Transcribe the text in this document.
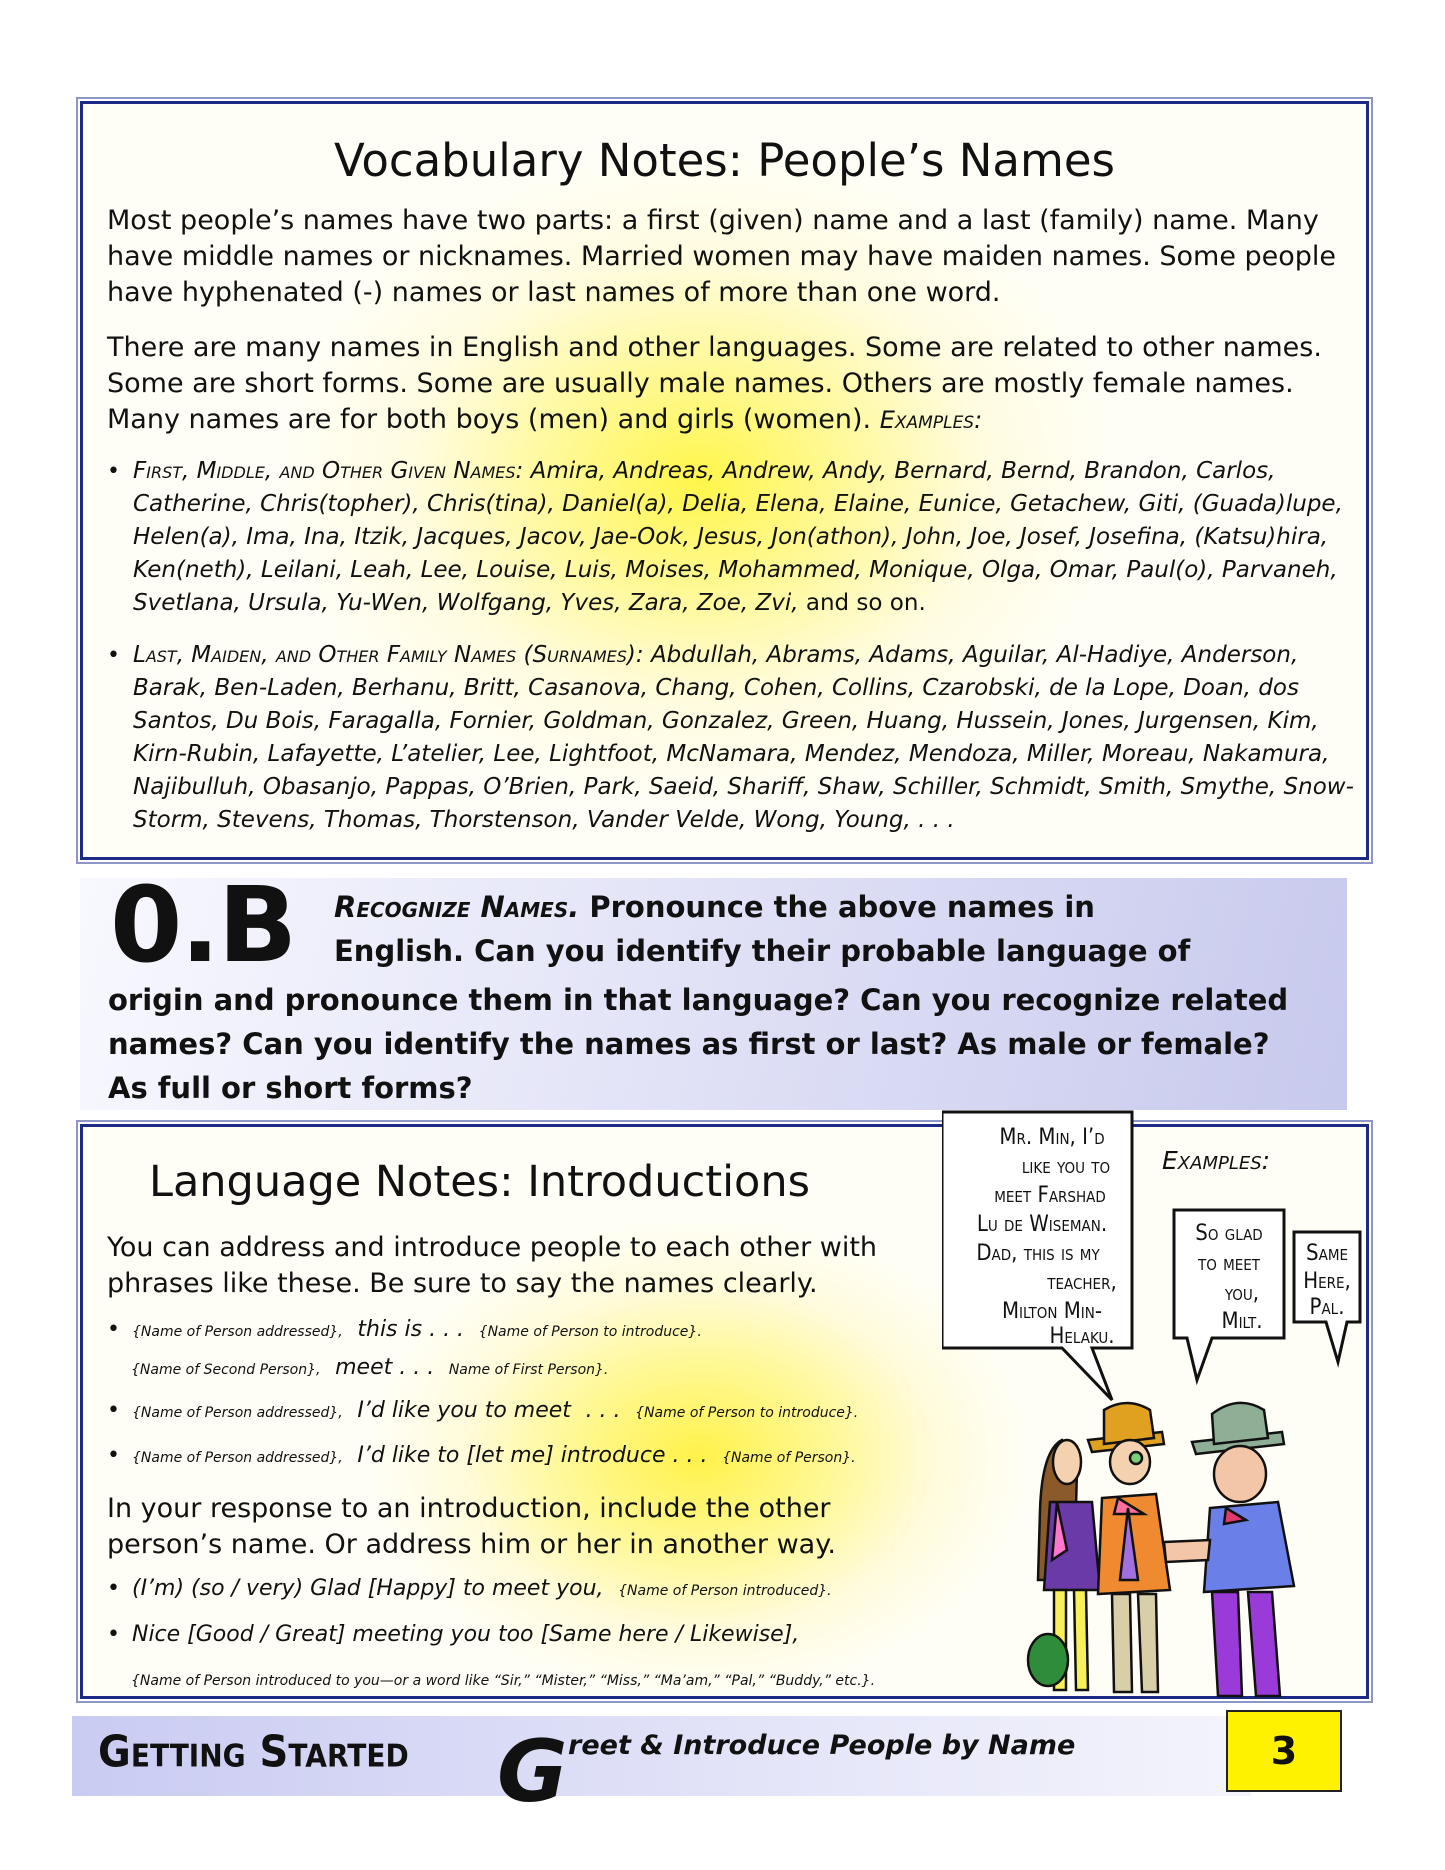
Vocabulary Notes: People’s Names
Most people’s names have two parts: a first (given) name and a last (family) name. Many have middle names or nicknames. Married women may have maiden names. Some people have hyphenated (-) names or last names of more than one word.
There are many names in English and other languages. Some are related to other names. Some are short forms. Some are usually male names. Others are mostly female names. Many names are for both boys (men) and girls (women). Examples:
• First, Middle, and Other Given Names: Amira, Andreas, Andrew, Andy, Bernard, Bernd, Brandon, Carlos, Catherine, Chris(topher), Chris(tina), Daniel(a), Delia, Elena, Elaine, Eunice, Getachew, Giti, (Guada)lupe, Helen(a), Ima, Ina, Itzik, Jacques, Jacov, Jae-Ook, Jesus, Jon(athon), John, Joe, Josef, Josefina, (Katsu)hira, Ken(neth), Leilani, Leah, Lee, Louise, Luis, Moises, Mohammed, Monique, Olga, Omar, Paul(o), Parvaneh, Svetlana, Ursula, Yu-Wen, Wolfgang, Yves, Zara, Zoe, Zvi, and so on.
• Last, Maiden, and Other Family Names (Surnames): Abdullah, Abrams, Adams, Aguilar, Al-Hadiye, Anderson, Barak, Ben-Laden, Berhanu, Britt, Casanova, Chang, Cohen, Collins, Czarobski, de la Lope, Doan, dos Santos, Du Bois, Faragalla, Fornier, Goldman, Gonzalez, Green, Huang, Hussein, Jones, Jurgensen, Kim, Kirn-Rubin, Lafayette, L’atelier, Lee, Lightfoot, McNamara, Mendez, Mendoza, Miller, Moreau, Nakamura, Najibulluh, Obasanjo, Pappas, O’Brien, Park, Saeid, Shariff, Shaw, Schiller, Schmidt, Smith, Smythe, Snow-Storm, Stevens, Thomas, Thorstenson, Vander Velde, Wong, Young, . . .
0.B Recognize Names. Pronounce the above names in
English. Can you identify their probable language of
origin and pronounce them in that language? Can you recognize related names? Can you identify the names as first or last? As male or female? As full or short forms?
Language Notes: Introductions
You can address and introduce people to each other with phrases like these. Be sure to say the names clearly.
• {Name of Person addressed}, this is . . . {Name of Person to introduce}.
{Name of Second Person}, meet . . . Name of First Person}.
• {Name of Person addressed}, I’d like you to meet . . . {Name of Person to introduce}.
• {Name of Person addressed}, I’d like to [let me] introduce . . . {Name of Person}.
In your response to an introduction, include the other person’s name. Or address him or her in another way.
• (I’m) (so / very) Glad [Happy] to meet you, {Name of Person introduced}.
• Nice [Good / Great] meeting you too [Same here / Likewise],
{Name of Person introduced to you—or a word like “Sir,” “Mister,” “Miss,” “Ma’am,” “Pal,” “Buddy,” etc.}.
Examples:
Mr. Min, I’d
like you to
meet Farshad
Lu de Wiseman.
Dad, this is my
teacher,
Milton Min-
Helaku.
So glad
to meet
you,
Milt.
Same
Here,
Pal.
Getting Started G reet & Introduce People by Name	3
